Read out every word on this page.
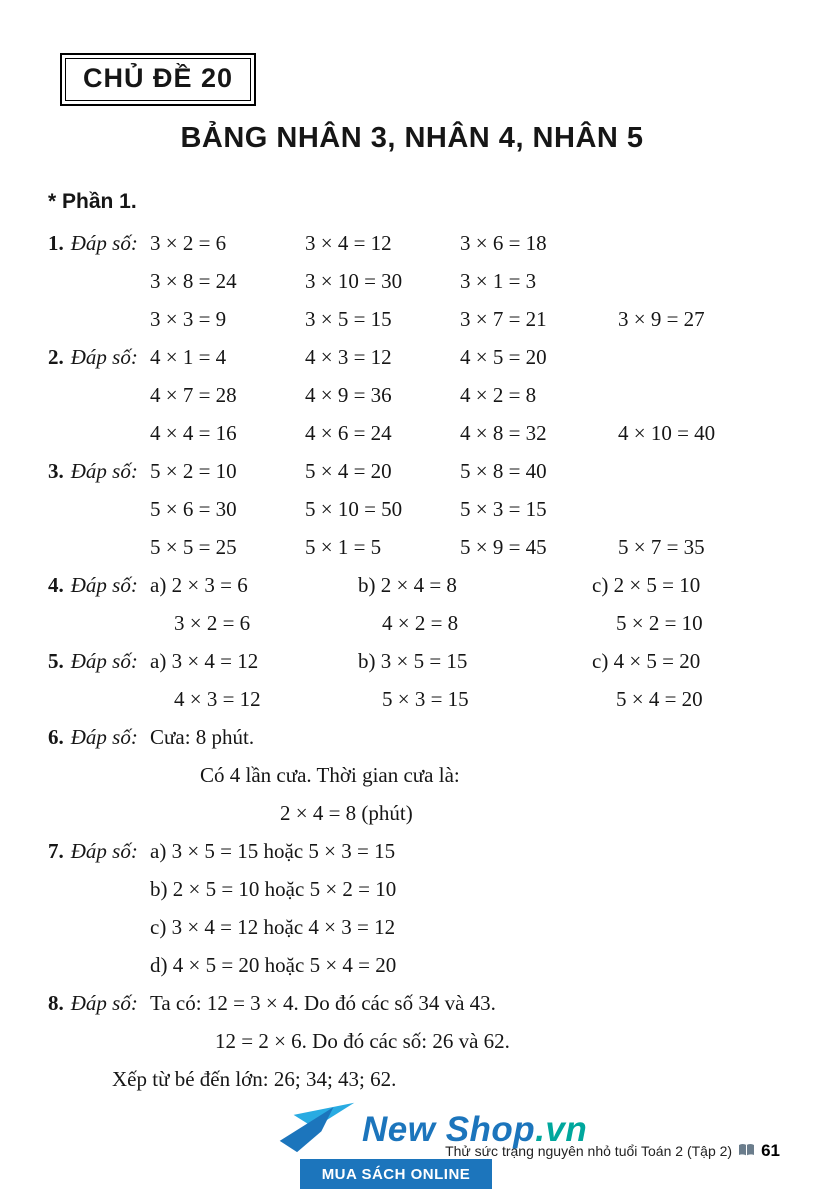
CHỦ ĐỀ 20
BẢNG NHÂN 3, NHÂN 4, NHÂN 5
* Phần 1.
1. Đáp số: 3 × 2 = 6	3 × 4 = 12	3 × 6 = 18
3 × 8 = 24	3 × 10 = 30	3 × 1 = 3
3 × 3 = 9	3 × 5 = 15	3 × 7 = 21	3 × 9 = 27
2. Đáp số: 4 × 1 = 4	4 × 3 = 12	4 × 5 = 20
4 × 7 = 28	4 × 9 = 36	4 × 2 = 8
4 × 4 = 16	4 × 6 = 24	4 × 8 = 32	4 × 10 = 40
3. Đáp số: 5 × 2 = 10	5 × 4 = 20	5 × 8 = 40
5 × 6 = 30	5 × 10 = 50	5 × 3 = 15
5 × 5 = 25	5 × 1 = 5	5 × 9 = 45	5 × 7 = 35
4. Đáp số: a) 2 × 3 = 6	b) 2 × 4 = 8	c) 2 × 5 = 10
3 × 2 = 6	4 × 2 = 8	5 × 2 = 10
5. Đáp số: a) 3 × 4 = 12	b) 3 × 5 = 15	c) 4 × 5 = 20
4 × 3 = 12	5 × 3 = 15	5 × 4 = 20
6. Đáp số: Cưa: 8 phút.
Có 4 lần cưa. Thời gian cưa là:
2 × 4 = 8 (phút)
7. Đáp số: a) 3 × 5 = 15 hoặc 5 × 3 = 15
b) 2 × 5 = 10 hoặc 5 × 2 = 10
c) 3 × 4 = 12 hoặc 4 × 3 = 12
d) 4 × 5 = 20 hoặc 5 × 4 = 20
8. Đáp số: Ta có: 12 = 3 × 4. Do đó các số 34 và 43.
12 = 2 × 6. Do đó các số: 26 và 62.
Xếp từ bé đến lớn: 26; 34; 43; 62.
New Shop.vn
MUA SÁCH ONLINE
Thử sức trạng nguyên nhỏ tuổi Toán 2 (Tập 2) 61
